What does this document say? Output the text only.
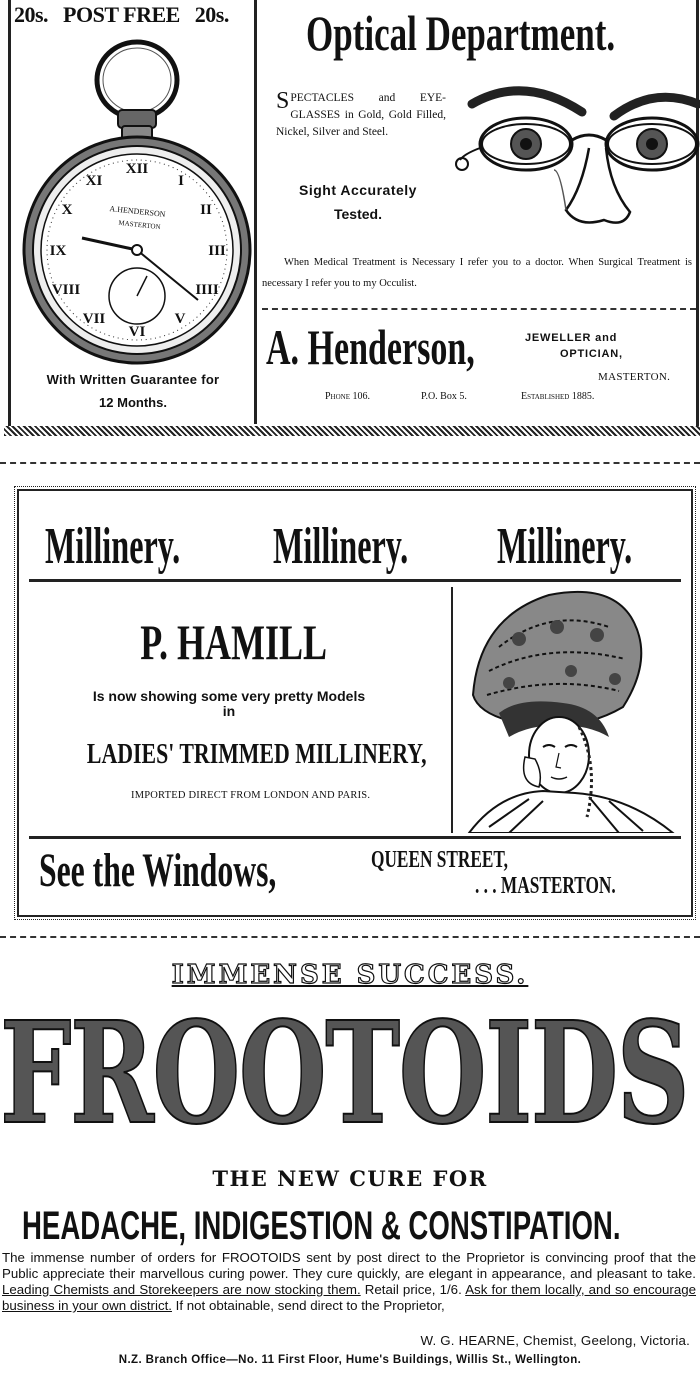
20s.   POST FREE   20s.
XII
I
II
III
IIII
V
VI
VII
VIII
IX
X
XI
A.HENDERSON
MASTERTON
With Written Guarantee for
12 Months.
Optical Department.
SPECTACLES and EYE-GLASSES in Gold, Gold Filled, Nickel, Silver and Steel.
Sight Accurately
Tested.
When Medical Treatment is Necessary I refer you to a doctor. When Surgical Treatment is necessary I refer you to my Occulist.
A. Henderson,	JEWELLER and
OPTICIAN,
MASTERTON.
Phone 106.	P.O. Box 5.	Established 1885.
Millinery.	Millinery.	Millinery.
P. HAMILL
Is now showing some very pretty Models in
LADIES' TRIMMED MILLINERY,
IMPORTED DIRECT FROM LONDON AND PARIS.
See the Windows,	QUEEN STREET,
. . . MASTERTON.
IMMENSE SUCCESS.
FROOTOIDS
THE NEW CURE FOR
HEADACHE, INDIGESTION & CONSTIPATION.
The immense number of orders for FROOTOIDS sent by post direct to the Proprietor is convincing proof that the Public appreciate their marvellous curing power. They cure quickly, are elegant in appearance, and pleasant to take. Leading Chemists and Storekeepers are now stocking them. Retail price, 1/6. Ask for them locally, and so encourage business in your own district. If not obtainable, send direct to the Proprietor,
W. G. HEARNE, Chemist, Geelong, Victoria.
N.Z. Branch Office—No. 11 First Floor, Hume's Buildings, Willis St., Wellington.
